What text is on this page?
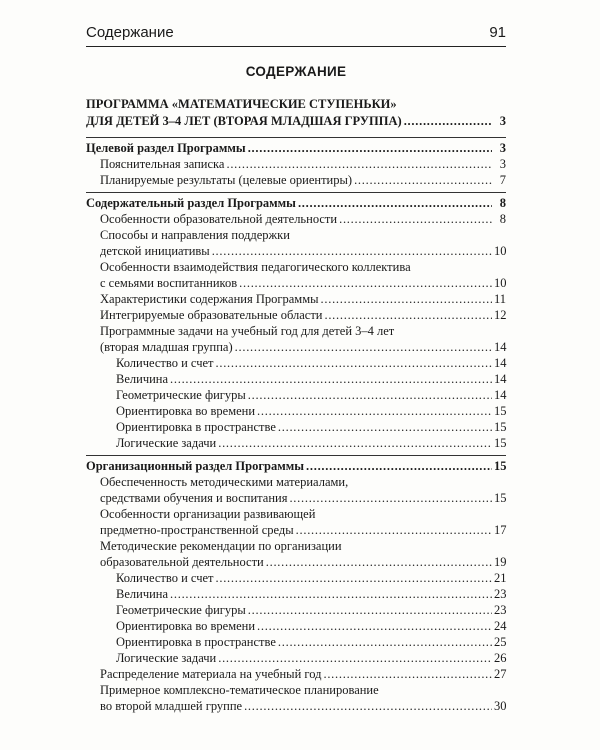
Содержание	91
СОДЕРЖАНИЕ
ПРОГРАММА «МАТЕМАТИЧЕСКИЕ СТУПЕНЬКИ»
ДЛЯ ДЕТЕЙ 3–4 ЛЕТ (ВТОРАЯ МЛАДШАЯ ГРУППА) . . .	3
Целевой раздел Программы . . .	3
Пояснительная записка . . .	3
Планируемые результаты (целевые ориентиры) . . .	7
Содержательный раздел Программы . . .	8
Особенности образовательной деятельности . . .	8
Способы и направления поддержки
детской инициативы . . .	10
Особенности взаимодействия педагогического коллектива
с семьями воспитанников . . .	10
Характеристики содержания Программы . . .	11
Интегрируемые образовательные области . . .	12
Программные задачи на учебный год для детей 3–4 лет
(вторая младшая группа) . . .	14
Количество и счет . . .	14
Величина . . .	14
Геометрические фигуры . . .	14
Ориентировка во времени . . .	15
Ориентировка в пространстве . . .	15
Логические задачи . . .	15
Организационный раздел Программы . . .	15
Обеспеченность методическими материалами,
средствами обучения и воспитания . . .	15
Особенности организации развивающей
предметно-пространственной среды . . .	17
Методические рекомендации по организации
образовательной деятельности . . .	19
Количество и счет . . .	21
Величина . . .	23
Геометрические фигуры . . .	23
Ориентировка во времени . . .	24
Ориентировка в пространстве . . .	25
Логические задачи . . .	26
Распределение материала на учебный год . . .	27
Примерное комплексно-тематическое планирование
во второй младшей группе . . .	30
